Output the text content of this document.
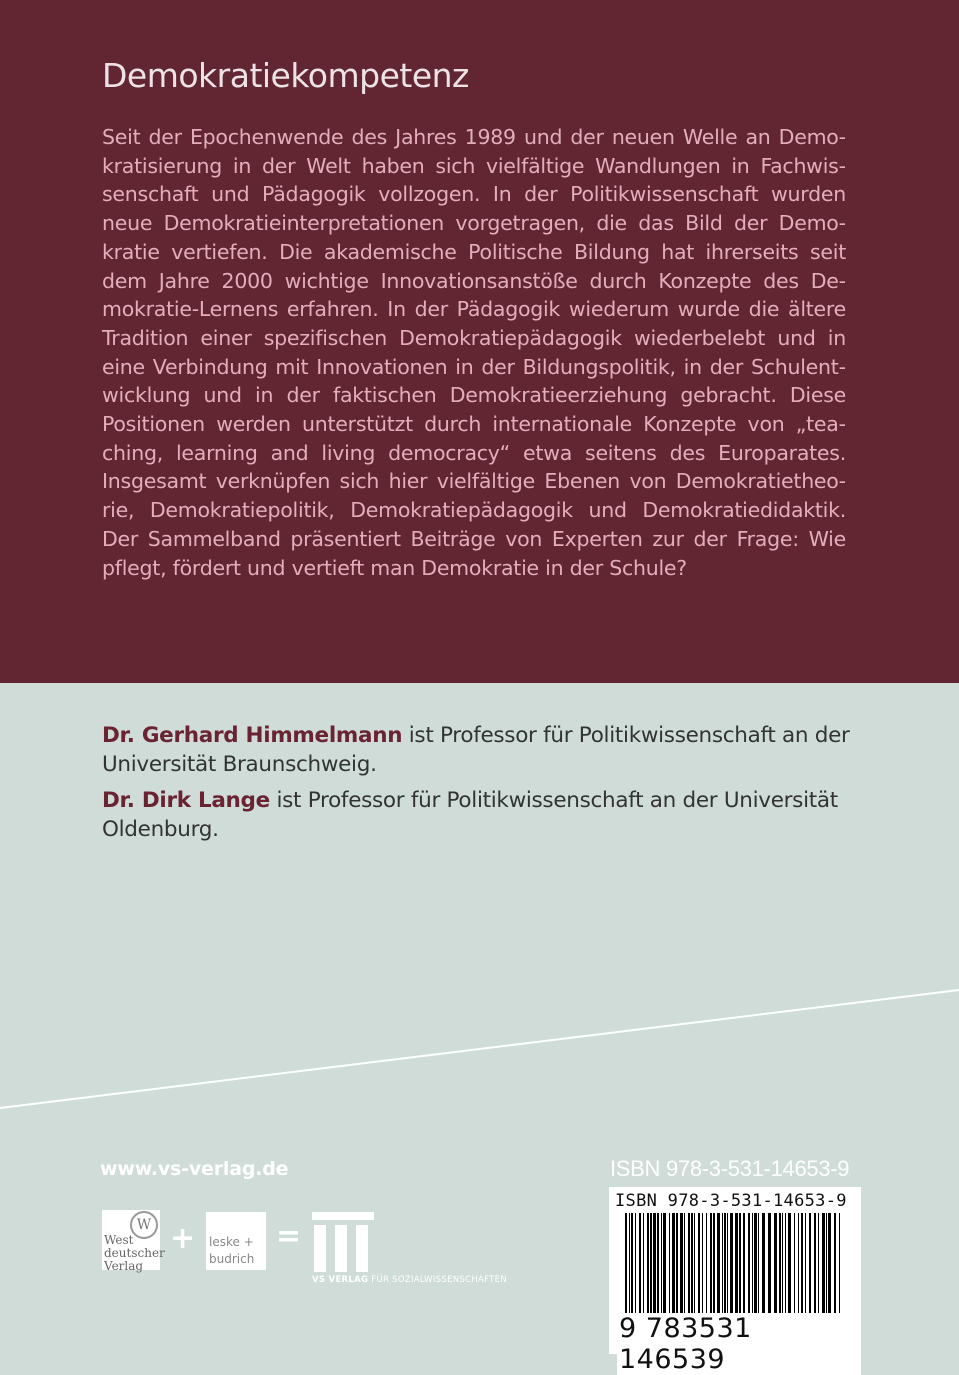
Demokratiekompetenz
Seit der Epochenwende des Jahres 1989 und der neuen Welle an Demokratisierung in der Welt haben sich vielfältige Wandlungen in Fachwissenschaft und Pädagogik vollzogen. In der Politikwissenschaft wurden neue Demokratieinterpretationen vorgetragen, die das Bild der Demokratie vertiefen. Die akademische Politische Bildung hat ihrerseits seit dem Jahre 2000 wichtige Innovationsanstöße durch Konzepte des Demokratie-Lernens erfahren. In der Pädagogik wiederum wurde die ältere Tradition einer spezifischen Demokratiepädagogik wiederbelebt und in eine Verbindung mit Innovationen in der Bildungspolitik, in der Schulentwicklung und in der faktischen Demokratieerziehung gebracht. Diese Positionen werden unterstützt durch internationale Konzepte von „teaching, learning and living democracy“ etwa seitens des Europarates. Insgesamt verknüpfen sich hier vielfältige Ebenen von Demokratietheorie, Demokratiepolitik, Demokratiepädagogik und Demokratiedidaktik. Der Sammelband präsentiert Beiträge von Experten zur der Frage: Wie pflegt, fördert und vertieft man Demokratie in der Schule?

Dr. Gerhard Himmelmann ist Professor für Politikwissenschaft an der Universität Braunschweig.

Dr. Dirk Lange ist Professor für Politikwissenschaft an der Universität Oldenburg.

www.vs-verlag.de	ISBN 978-3-531-14653-9
W
West
deutscher
Verlag
+ leske +
budrich
=
VS VERLAG FÜR SOZIALWISSENSCHAFTEN
ISBN 978-3-531-14653-9
9 783531 146539
